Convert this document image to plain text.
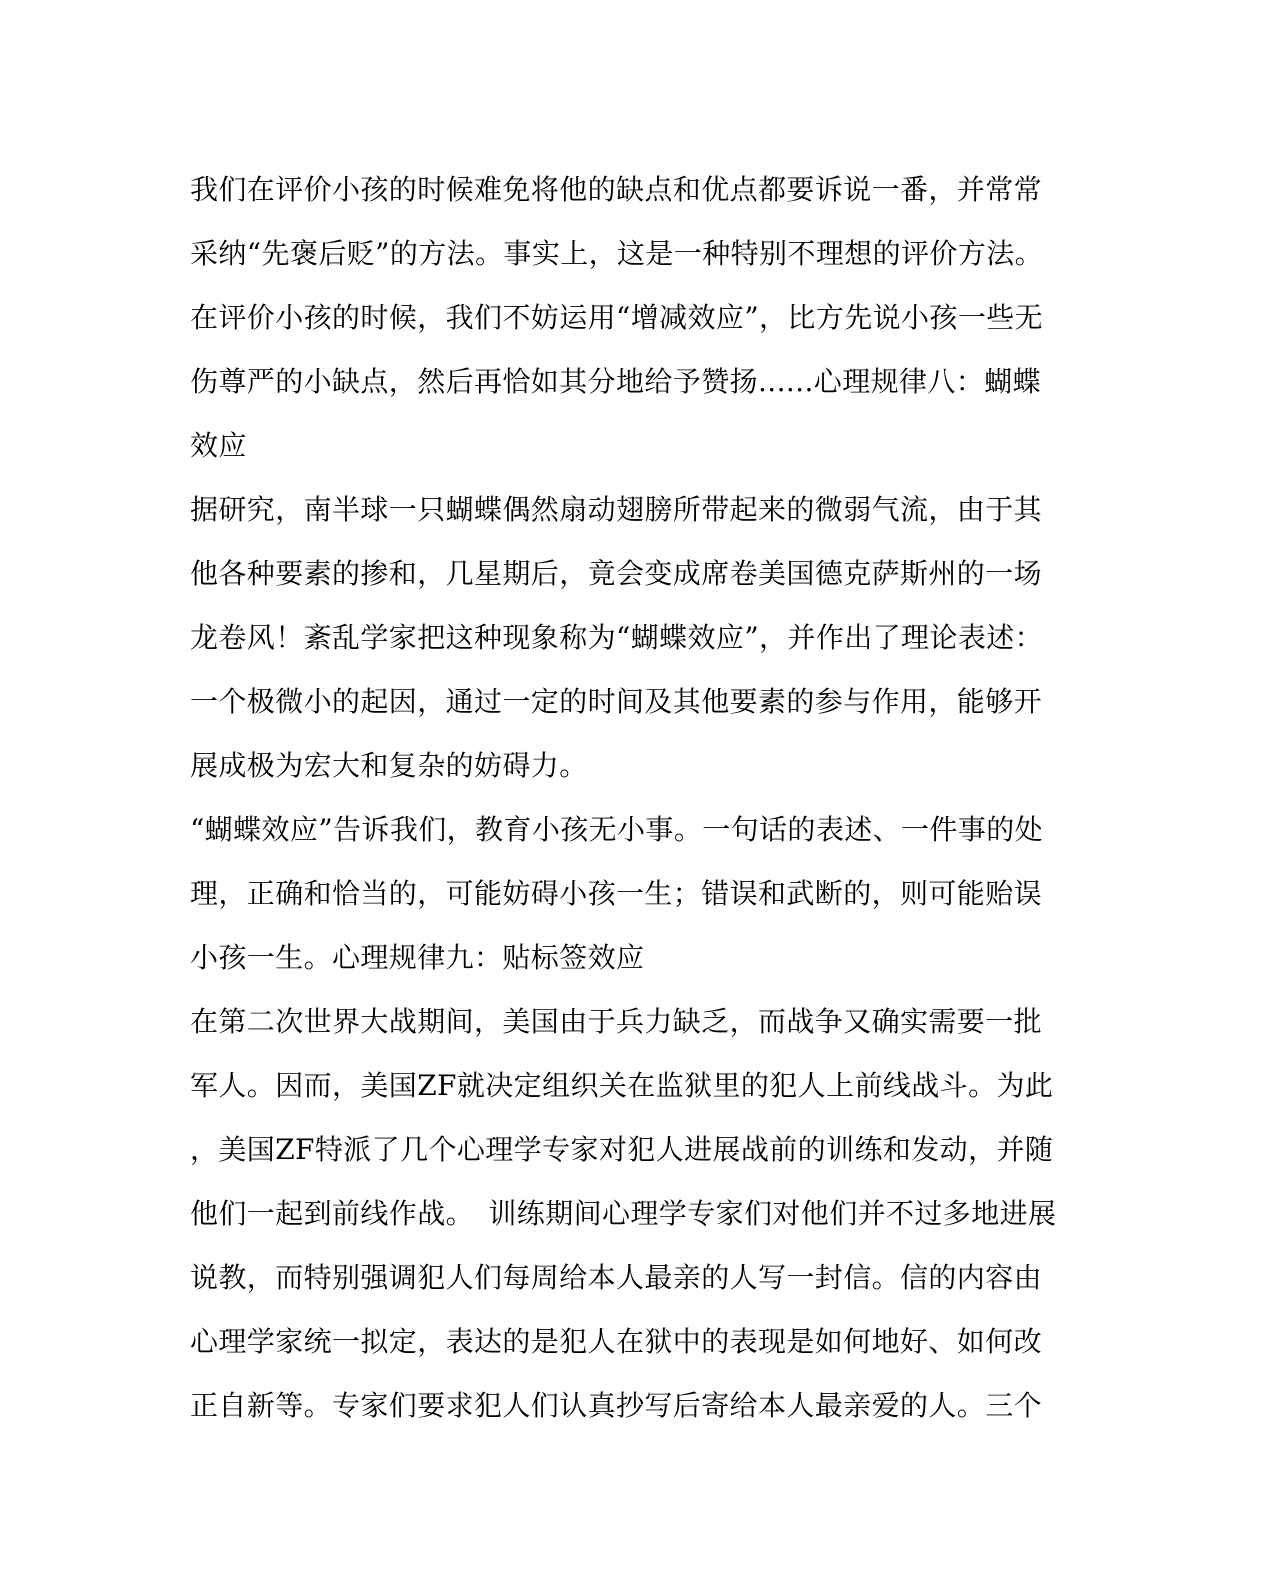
我们在评价小孩的时候难免将他的缺点和优点都要诉说一番，并常常
采纳“先褒后贬”的方法。事实上，这是一种特别不理想的评价方法。
在评价小孩的时候，我们不妨运用“增减效应”，比方先说小孩一些无
伤尊严的小缺点，然后再恰如其分地给予赞扬......心理规律八：蝴蝶
效应
据研究，南半球一只蝴蝶偶然扇动翅膀所带起来的微弱气流，由于其
他各种要素的掺和，几星期后，竟会变成席卷美国德克萨斯州的一场
龙卷风！紊乱学家把这种现象称为“蝴蝶效应”，并作出了理论表述：
一个极微小的起因，通过一定的时间及其他要素的参与作用，能够开
展成极为宏大和复杂的妨碍力。
“蝴蝶效应”告诉我们，教育小孩无小事。一句话的表述、一件事的处
理，正确和恰当的，可能妨碍小孩一生；错误和武断的，则可能贻误
小孩一生。心理规律九：贴标签效应
在第二次世界大战期间，美国由于兵力缺乏，而战争又确实需要一批
军人。因而，美国ZF就决定组织关在监狱里的犯人上前线战斗。为此
，美国ZF特派了几个心理学专家对犯人进展战前的训练和发动，并随
他们一起到前线作战。　训练期间心理学专家们对他们并不过多地进展
说教，而特别强调犯人们每周给本人最亲的人写一封信。信的内容由
心理学家统一拟定，表达的是犯人在狱中的表现是如何地好、如何改
正自新等。专家们要求犯人们认真抄写后寄给本人最亲爱的人。三个
